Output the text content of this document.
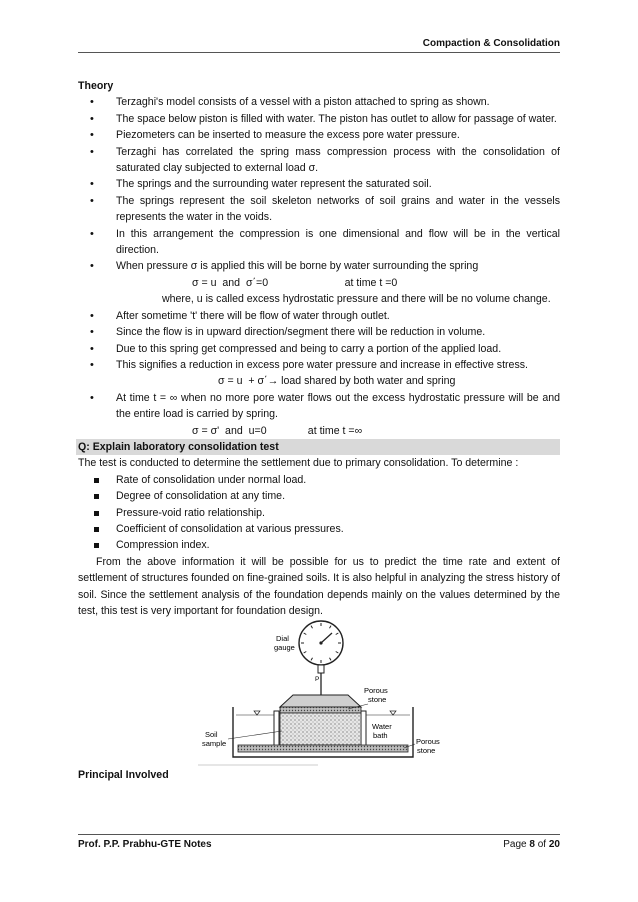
Compaction & Consolidation
Theory
• Terzaghi's model consists of a vessel with a piston attached to spring as shown.
• The space below piston is filled with water. The piston has outlet to allow for passage of water.
• Piezometers can be inserted to measure the excess pore water pressure.
• Terzaghi has correlated the spring mass compression process with the consolidation of saturated clay subjected to external load σ.
• The springs and the surrounding water represent the saturated soil.
• The springs represent the soil skeleton networks of soil grains and water in the vessels represents the water in the voids.
• In this arrangement the compression is one dimensional and flow will be in the vertical direction.
• When pressure σ is applied this will be borne by water surrounding the spring
σ = u  and  σ΄=0                          at time t =0
where, u is called excess hydrostatic pressure and there will be no volume change.
• After sometime 't' there will be flow of water through outlet.
• Since the flow is in upward direction/segment there will be reduction in volume.
• Due to this spring get compressed and being to carry a portion of the applied load.
• This signifies a reduction in excess pore water pressure and increase in effective stress.
σ = u  + σ΄→ load shared by both water and spring
• At time t = ∞ when no more pore water flows out the excess hydrostatic pressure will be and the entire load is carried by spring.
σ = σ'  and  u=0              at time t =∞
Q: Explain laboratory consolidation test
The test is conducted to determine the settlement due to primary consolidation. To determine :
Rate of consolidation under normal load.
Degree of consolidation at any time.
Pressure-void ratio relationship.
Coefficient of consolidation at various pressures.
Compression index.
From the above information it will be possible for us to predict the time rate and extent of settlement of structures founded on fine-grained soils. It is also helpful in analyzing the stress history of soil. Since the settlement analysis of the foundation depends mainly on the values determined by the test, this test is very important for foundation design.
Dial
gauge
P
Porous
stone
Water
bath
Porous
stone
Soil
sample
Principal Involved
Prof. P.P. Prabhu-GTE Notes	Page 8 of 20
